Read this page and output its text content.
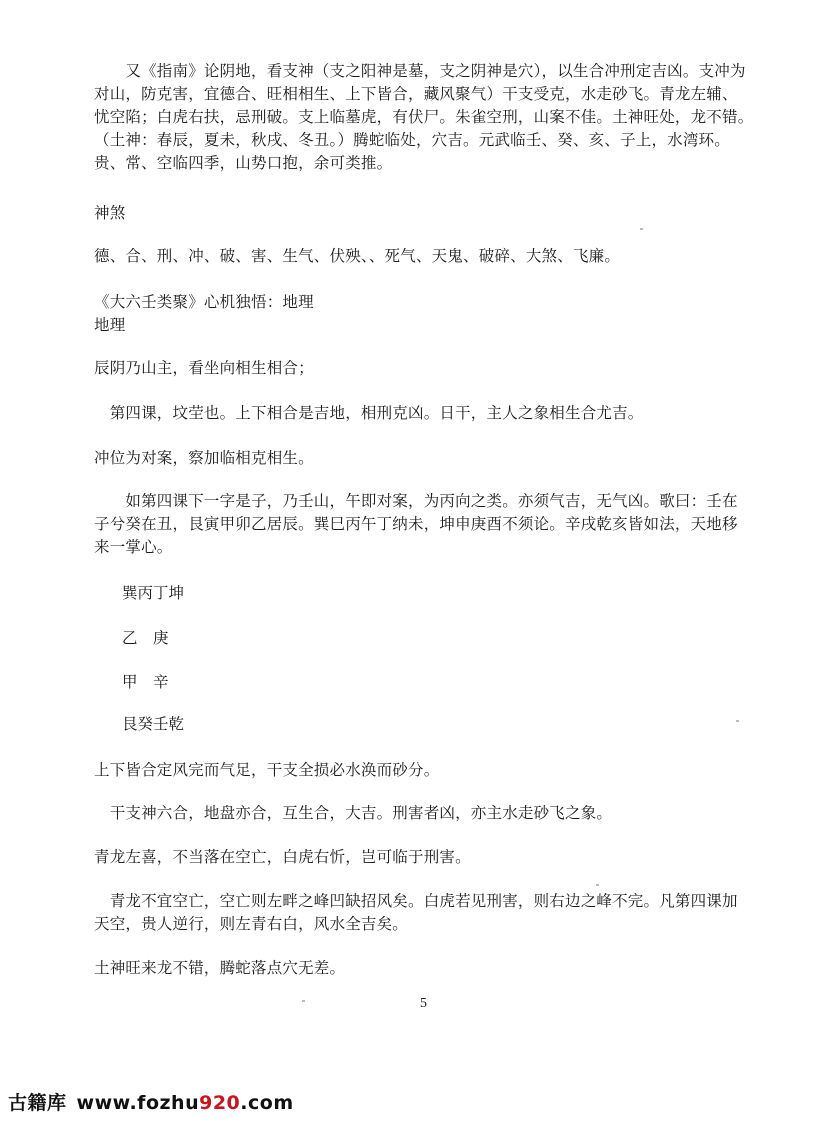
　　又《指南》论阴地，看支神（支之阳神是墓，支之阴神是穴），以生合冲刑定吉凶。支冲为
对山，防克害，宜德合、旺相相生、上下皆合，藏风聚气）干支受克，水走砂飞。青龙左辅、
忧空陷；白虎右扶，忌刑破。支上临墓虎，有伏尸。朱雀空刑，山案不佳。土神旺处，龙不错。
（土神：春辰，夏未，秋戌、冬丑。）腾蛇临处，穴吉。元武临壬、癸、亥、子上，水湾环。
贵、常、空临四季，山势口抱，余可类推。
神煞
德、合、刑、冲、破、害、生气、伏殃、、死气、天鬼、破碎、大煞、飞廉。
《大六壬类聚》心机独悟：地理
地理
辰阴乃山主，看坐向相生相合；
　第四课，坟茔也。上下相合是吉地，相刑克凶。日干，主人之象相生合尤吉。
冲位为对案，察加临相克相生。
　　如第四课下一字是子，乃壬山，午即对案，为丙向之类。亦须气吉，无气凶。歌曰：壬在
子兮癸在丑，艮寅甲卯乙居辰。巽巳丙午丁纳未，坤申庚酉不须论。辛戌乾亥皆如法，天地移
来一掌心。
巽丙丁坤
乙　庚
甲　辛
艮癸壬乾
上下皆合定风完而气足，干支全损必水涣而砂分。
　干支神六合，地盘亦合，互生合，大吉。刑害者凶，亦主水走砂飞之象。
青龙左喜，不当落在空亡，白虎右忻，岂可临于刑害。
　青龙不宜空亡，空亡则左畔之峰凹缺招风矣。白虎若见刑害，则右边之峰不完。凡第四课加
天空，贵人逆行，则左青右白，风水全吉矣。
土神旺来龙不错，腾蛇落点穴无差。
5
古籍库 www.fozhu920.com
